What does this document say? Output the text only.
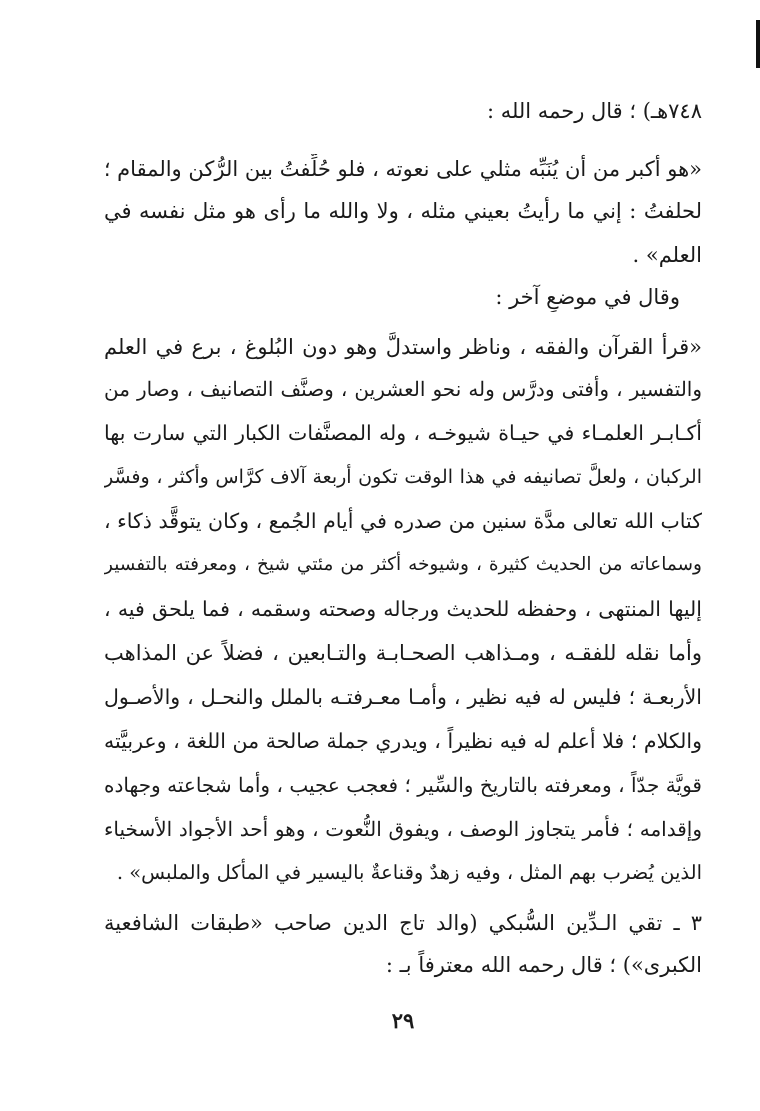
٧٤٨هـ) ؛ قال رحمه الله :
«هو أكبر من أن يُنَبِّه مثلي على نعوته ، فلو حُلِّفتُ بين الرُّكن والمقام ؛
لحلفتُ : إني ما رأيتُ بعيني مثله ، ولا والله ما رأى هو مثل نفسه في
العلم» .
وقال في موضعٍ آخر :
«قرأ القرآن والفقه ، وناظر واستدلَّ وهو دون البُلوغ ، برع في العلم
والتفسير ، وأفتى ودرَّس وله نحو العشرين ، وصنَّف التصانيف ، وصار من
أكـابـر العلمـاء في حيـاة شيوخـه ، وله المصنَّفات الكبار التي سارت بها
الركبان ، ولعلَّ تصانيفه في هذا الوقت تكون أربعة آلاف كرَّاس وأكثر ، وفسَّر
كتاب الله تعالى مدَّة سنين من صدره في أيام الجُمع ، وكان يتوقَّد ذكاء ،
وسماعاته من الحديث كثيرة ، وشيوخه أكثر من مئتي شيخ ، ومعرفته بالتفسير
إليها المنتهى ، وحفظه للحديث ورجاله وصحته وسقمه ، فما يلحق فيه ،
وأما نقله للفقـه ، ومـذاهب الصحـابـة والتـابعين ، فضلاً عن المذاهب
الأربعـة ؛ فليس له فيه نظير ، وأمـا معـرفتـه بالملل والنحـل ، والأصـول
والكلام ؛ فلا أعلم له فيه نظيراً ، ويدري جملة صالحة من اللغة ، وعربيَّته
قويَّة جدّاً ، ومعرفته بالتاريخ والسِّير ؛ فعجب عجيب ، وأما شجاعته وجهاده
وإقدامه ؛ فأمر يتجاوز الوصف ، ويفوق النُّعوت ، وهو أحد الأجواد الأسخياء
الذين يُضرب بهم المثل ، وفيه زهدٌ وقناعةٌ باليسير في المأكل والملبس» .
٣ ـ تقي الـدِّين السُّبكي (والد تاج الدين صاحب «طبقات الشافعية
الكبرى») ؛ قال رحمه الله معترفاً بـ :
٢٩
